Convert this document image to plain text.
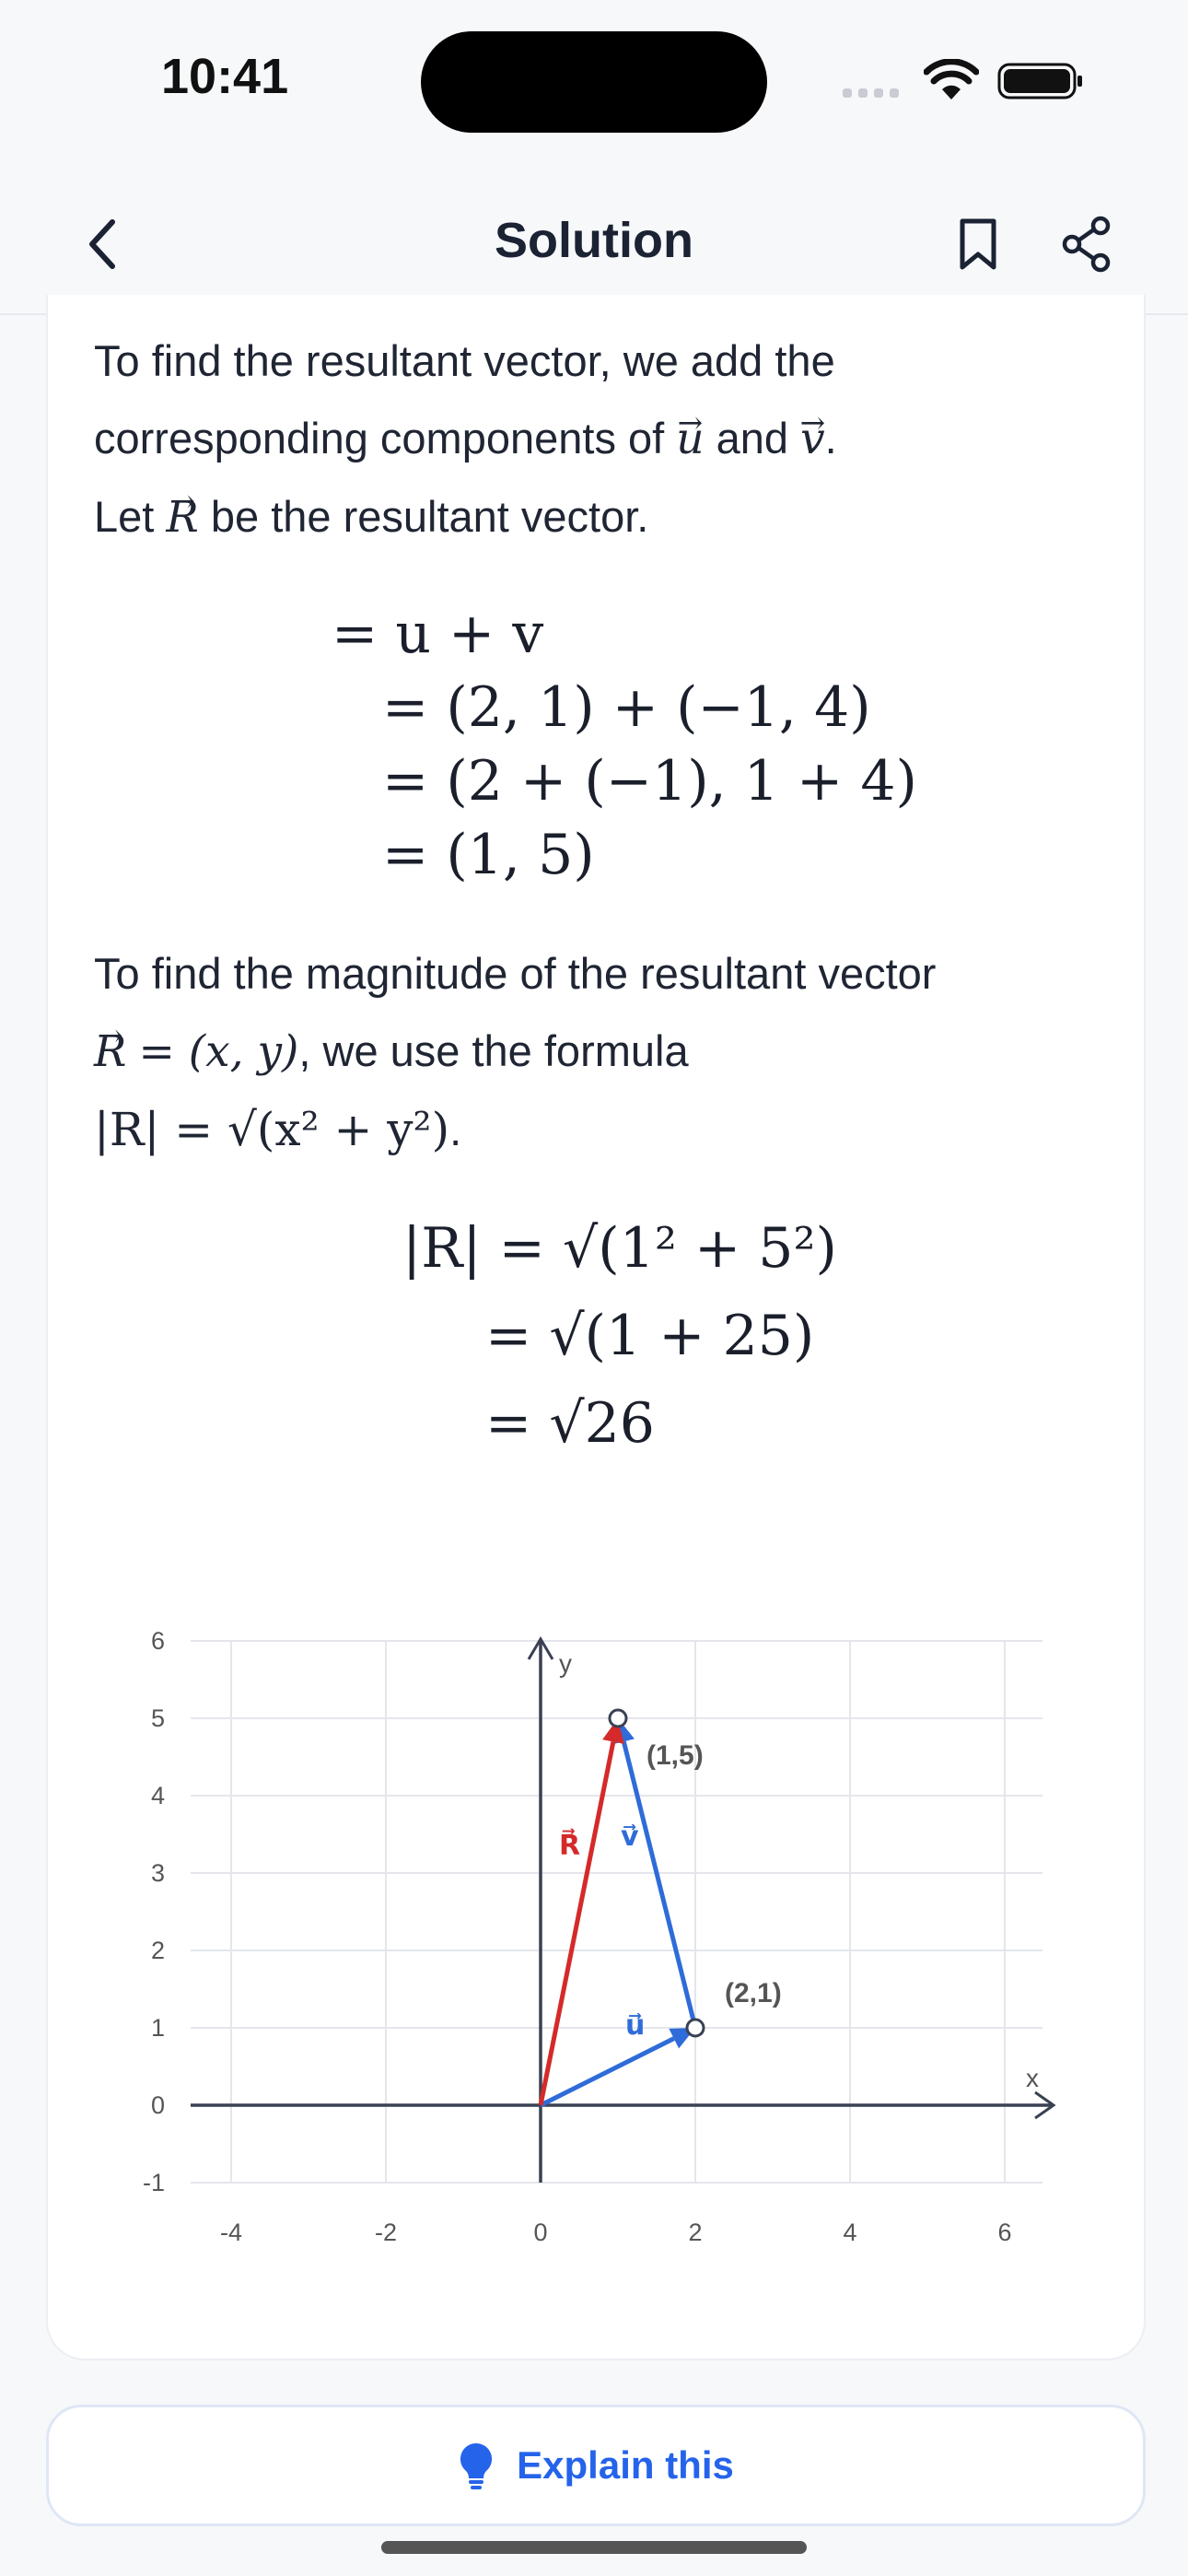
10:41
Solution
To find the resultant vector, we add the
corresponding components of → u and → v.
Let → R be the resultant vector.
= u + v
= (2, 1) + (−1, 4)
= (2 + (−1), 1 + 4)
= (1, 5)
To find the magnitude of the resultant vector
→ R = (x, y), we use the formula
|R| = √(x² + y²).
|R| = √(1² + 5²)
= √(1 + 25)
= √26
6
5
4
3
2
1
0
-1
-4	-2	0	2	4	6
x
y
u⃗
v⃗
R⃗
(2,1)
(1,5)
Explain this
